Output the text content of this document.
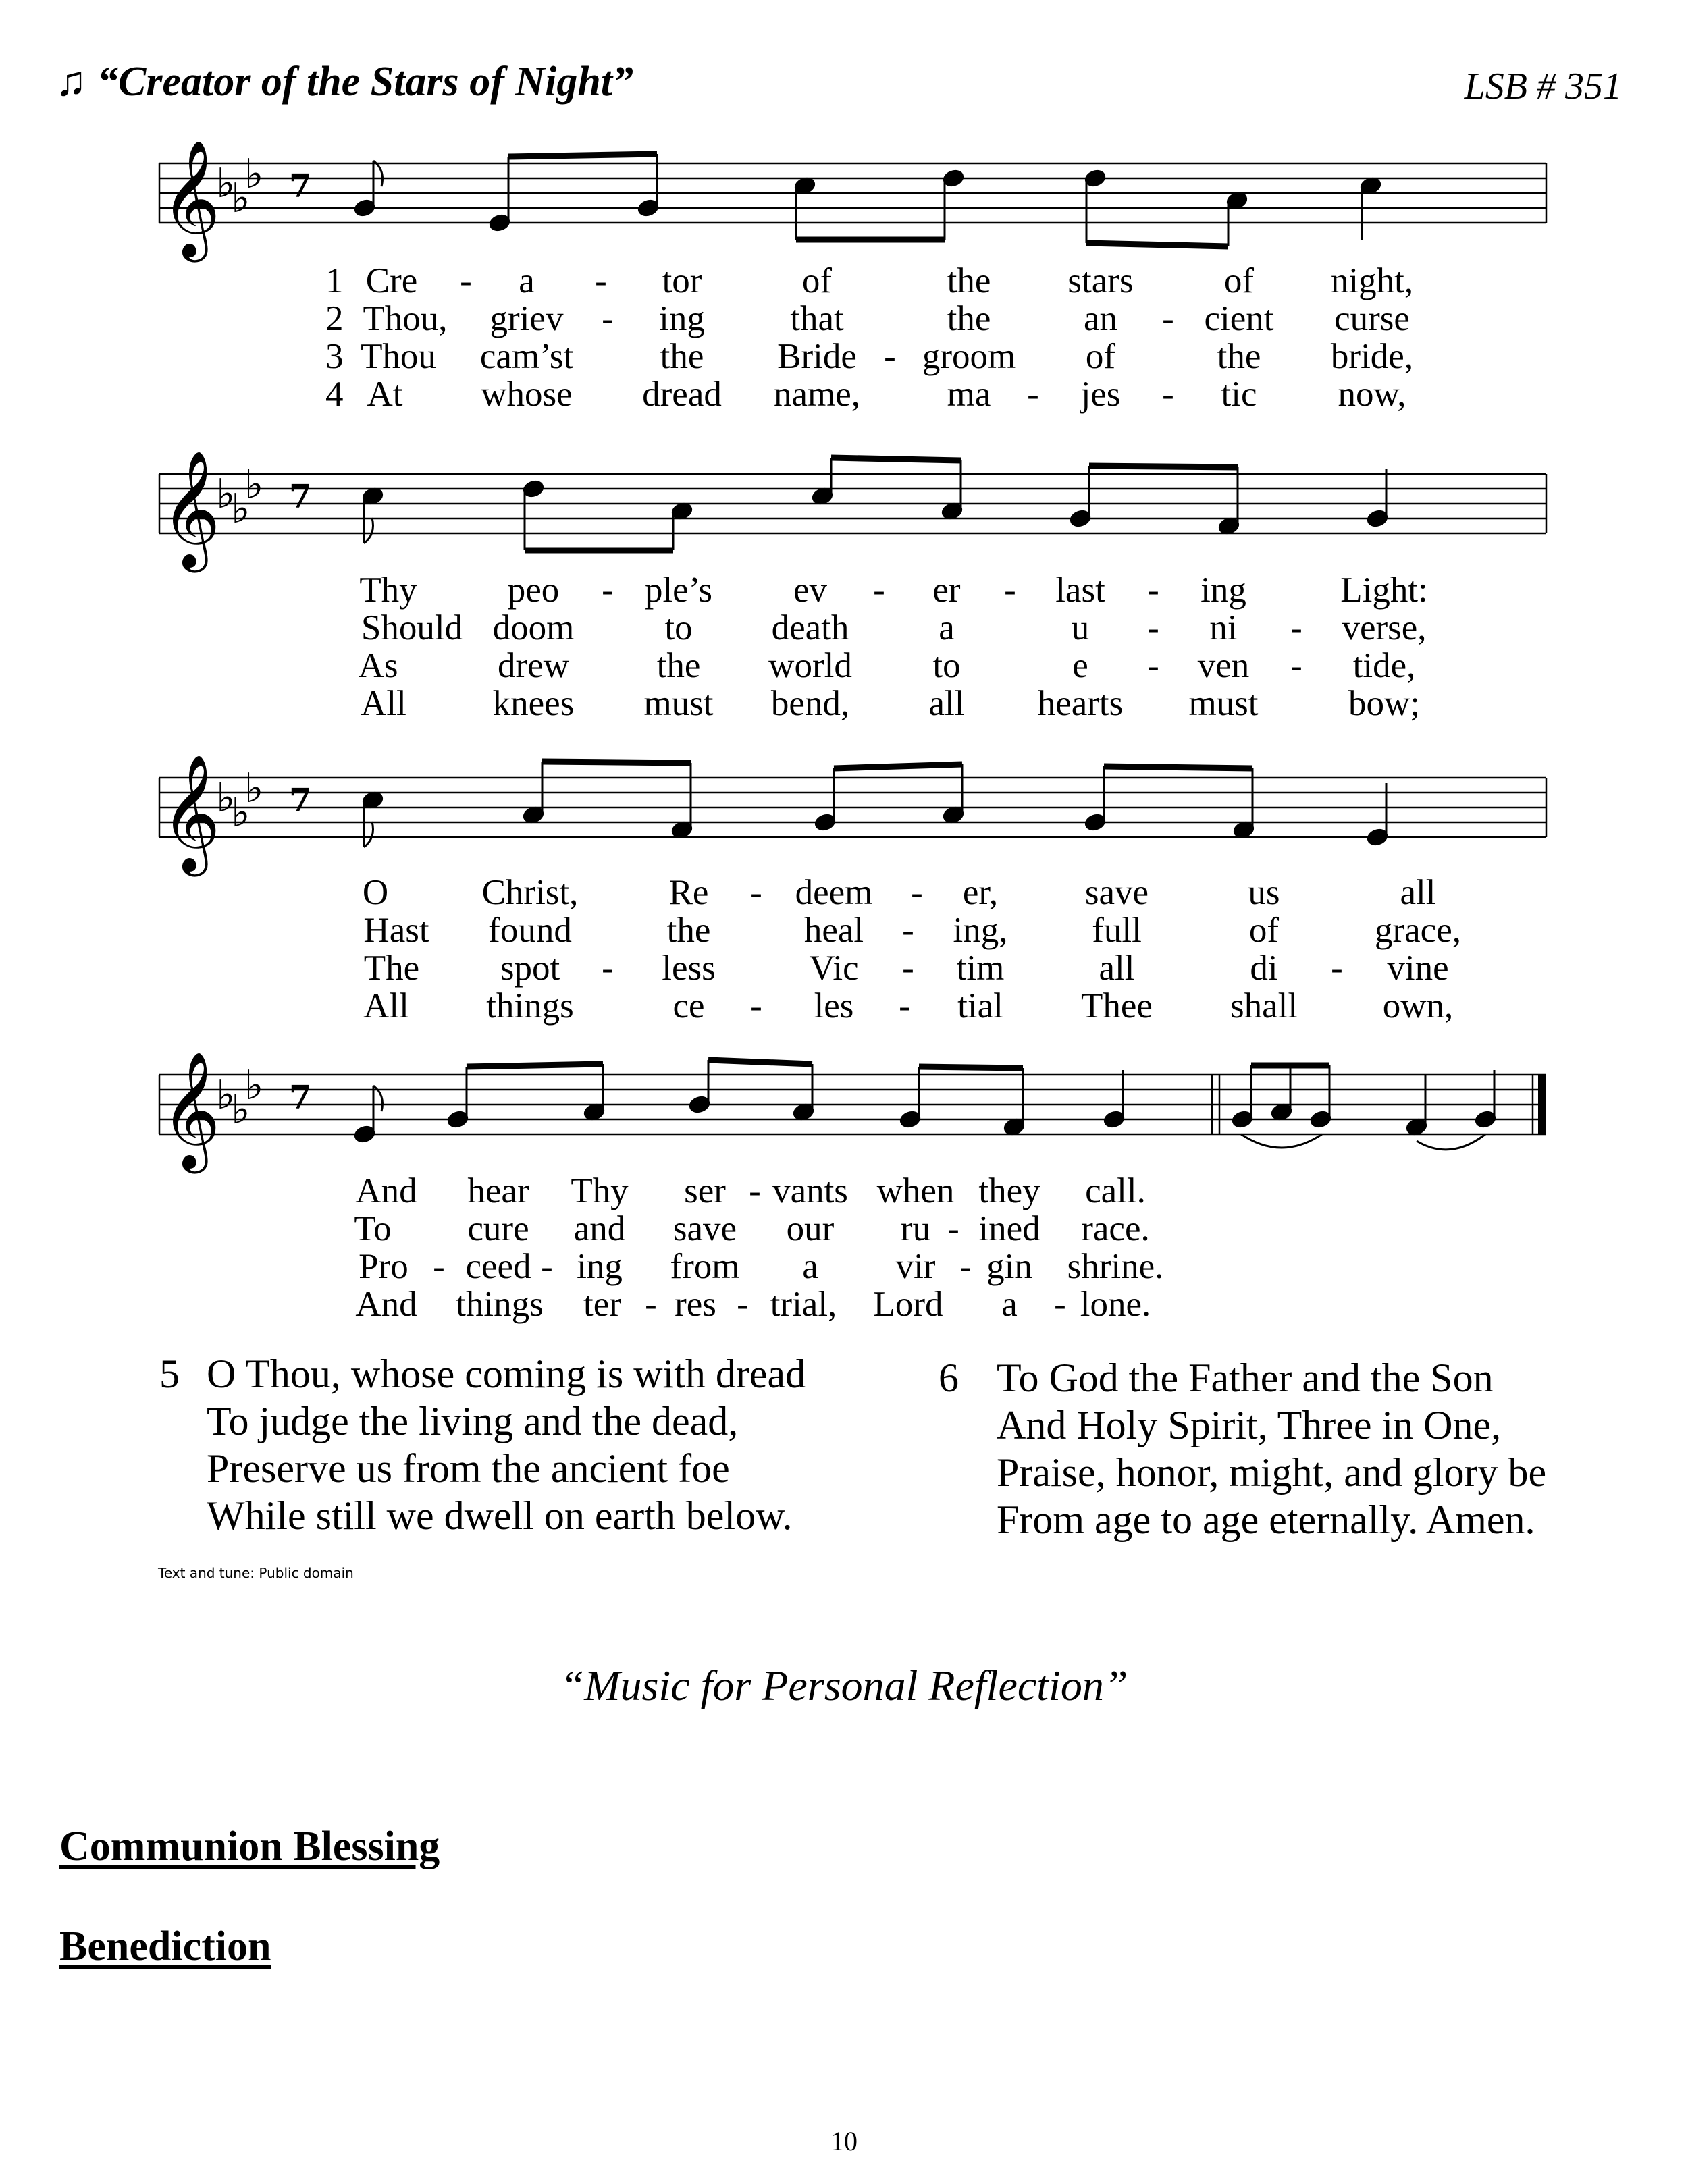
♫ “Creator of the Stars of Night”	LSB # 351
𝄞
♭
♭
♭ 7
1
2
3
4
Cre	a	tor	of	the stars	of night,
-	-
Thou, griev	ing that	the	an cient curse
-	-
Thou cam’st the Bride groom of	the bride,
-
At whose dread name, ma	jes	tic now,
-	-
𝄞
♭
♭
♭ 7
Thy	peo ple’s ev	er	last	ing	Light:
-	-	-	-
Should doom	to death	a	u	ni	verse,
-	-
As	drew the world to	e	ven	tide,
-	-
All knees must bend, all hearts must	bow;
𝄞
♭
♭
♭ 7
O	Christ,	Re deem	er, save	us	all
-	-
Hast found	the	heal ing, full	of	grace,
-
The spot	less	Vic	tim	all	di	vine
-	-	-
All things	ce	les	tial Thee shall own,
-	-
𝄞
♭
♭
♭ 7
And hear Thy ser vants when they call.
-
To cure and save our ru ined race.
-
Pro ceed ing from a vir gin shrine.
-	-	-
And things ter res trial, Lord a lone.
- -	-
5 O Thou, whose coming is with dread
To judge the living and the dead,
Preserve us from the ancient foe
While still we dwell on earth below.
6 To God the Father and the Son
And Holy Spirit, Three in One,
Praise, honor, might, and glory be
From age to age eternally. Amen.
Text and tune: Public domain
“Music for Personal Reflection”
Communion Blessing
Benediction
10
